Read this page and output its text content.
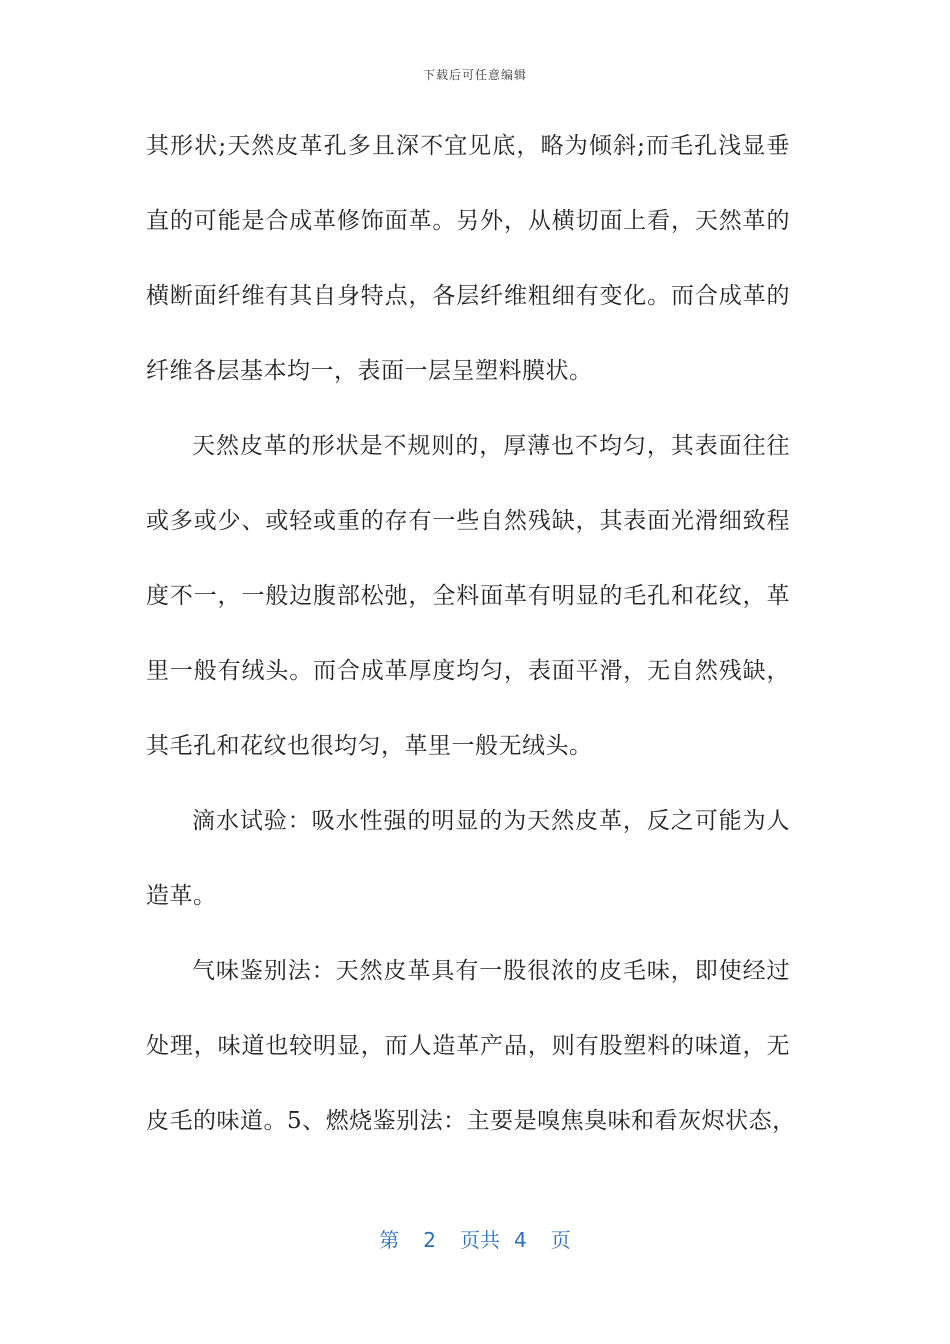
下载后可任意编辑
其形状;天然皮革孔多且深不宜见底，略为倾斜;而毛孔浅显垂
直的可能是合成革修饰面革。另外，从横切面上看，天然革的
横断面纤维有其自身特点，各层纤维粗细有变化。而合成革的
纤维各层基本均一，表面一层呈塑料膜状。
天然皮革的形状是不规则的，厚薄也不均匀，其表面往往
或多或少、或轻或重的存有一些自然残缺，其表面光滑细致程
度不一，一般边腹部松弛，全料面革有明显的毛孔和花纹，革
里一般有绒头。而合成革厚度均匀，表面平滑，无自然残缺，
其毛孔和花纹也很均匀，革里一般无绒头。
滴水试验：吸水性强的明显的为天然皮革，反之可能为人
造革。
气味鉴别法：天然皮革具有一股很浓的皮毛味，即使经过
处理，味道也较明显，而人造革产品，则有股塑料的味道，无
皮毛的味道。5、燃烧鉴别法：主要是嗅焦臭味和看灰烬状态，
第 2 页共 4 页
